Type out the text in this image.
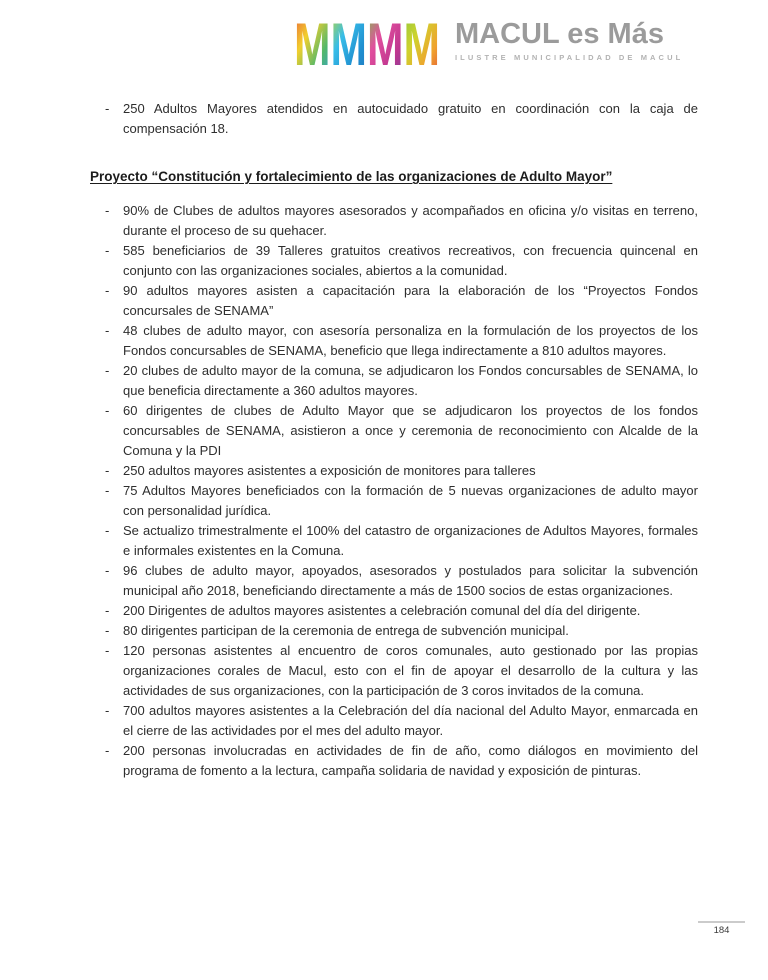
M M M M MACUL es Más
ILUSTRE MUNICIPALIDAD DE MACUL
-	250 Adultos Mayores atendidos en autocuidado gratuito en coordinación con la caja de compensación 18.
Proyecto “Constitución y fortalecimiento de las organizaciones de Adulto Mayor”
-	90% de Clubes de adultos mayores asesorados y acompañados en oficina y/o visitas en terreno, durante el proceso de su quehacer.
-	585 beneficiarios de 39 Talleres gratuitos creativos recreativos, con frecuencia quincenal en conjunto con las organizaciones sociales, abiertos a la comunidad.
-	90 adultos mayores asisten a capacitación para la elaboración de los “Proyectos Fondos concursales de SENAMA”
-	48 clubes de adulto mayor, con asesoría personaliza en la formulación de los proyectos de los Fondos concursables de SENAMA, beneficio que llega indirectamente a 810 adultos mayores.
-	20 clubes de adulto mayor de la comuna, se adjudicaron los Fondos concursables de SENAMA, lo que beneficia directamente a 360 adultos mayores.
-	60 dirigentes de clubes de Adulto Mayor que se adjudicaron los proyectos de los fondos concursables de SENAMA, asistieron a once y ceremonia de reconocimiento con Alcalde de la Comuna y la PDI
-	250 adultos mayores asistentes a exposición de monitores para talleres
-	75 Adultos Mayores beneficiados con la formación de 5 nuevas organizaciones de adulto mayor con personalidad jurídica.
-	Se actualizo trimestralmente el 100% del catastro de organizaciones de Adultos Mayores, formales e informales existentes en la Comuna.
-	96 clubes de adulto mayor, apoyados, asesorados y postulados para solicitar la subvención municipal año 2018, beneficiando directamente a más de 1500 socios de estas organizaciones.
-	200 Dirigentes de adultos mayores asistentes a celebración comunal del día del dirigente.
-	80 dirigentes participan de la ceremonia de entrega de subvención municipal.
-	120 personas asistentes al encuentro de coros comunales, auto gestionado por las propias organizaciones corales de Macul, esto con el fin de apoyar el desarrollo de la cultura y las actividades de sus organizaciones, con la participación de 3 coros invitados de la comuna.
-	700 adultos mayores asistentes a la Celebración del día nacional del Adulto Mayor, enmarcada en el cierre de las actividades por el mes del adulto mayor.
-	200 personas involucradas en actividades de fin de año, como diálogos en movimiento del programa de fomento a la lectura, campaña solidaria de navidad y exposición de pinturas.
184
